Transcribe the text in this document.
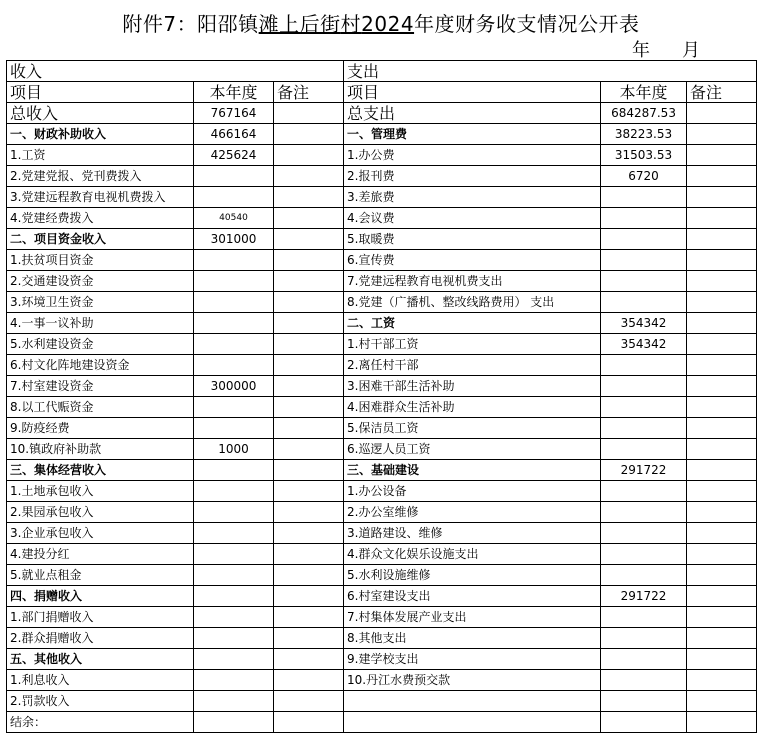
附件7：阳邵镇滩上后街村2024年度财务收支情况公开表
年 月
收入			支出		
项目	本年度	备注	项目	本年度	备注
总收入	767164		总支出	684287.53	
一、财政补助收入	466164		一、管理费	38223.53	
1.工资	425624		1.办公费	31503.53	
2.党建党报、党刊费拨入			2.报刊费	6720	
3.党建远程教育电视机费拨入			3.差旅费		
4.党建经费拨入	40540		4.会议费		
二、项目资金收入	301000		5.取暖费		
1.扶贫项目资金			6.宣传费		
2.交通建设资金			7.党建远程教育电视机费支出		
3.环境卫生资金			8.党建（广播机、整改线路费用） 支出		
4.一事一议补助			二、工资	354342	
5.水利建设资金			1.村干部工资	354342	
6.村文化阵地建设资金			2.离任村干部		
7.村室建设资金	300000		3.困难干部生活补助		
8.以工代赈资金			4.困难群众生活补助		
9.防疫经费			5.保洁员工资		
10.镇政府补助款	1000		6.巡逻人员工资		
三、集体经营收入			三、基础建设	291722	
1.土地承包收入			1.办公设备		
2.果园承包收入			2.办公室维修		
3.企业承包收入			3.道路建设、维修		
4.建投分红			4.群众文化娱乐设施支出		
5.就业点租金			5.水利设施维修		
四、捐赠收入			6.村室建设支出	291722	
1.部门捐赠收入			7.村集体发展产业支出		
2.群众捐赠收入			8.其他支出		
五、其他收入			9.建学校支出		
1.利息收入			10.丹江水费预交款		
2.罚款收入					
结余：					
